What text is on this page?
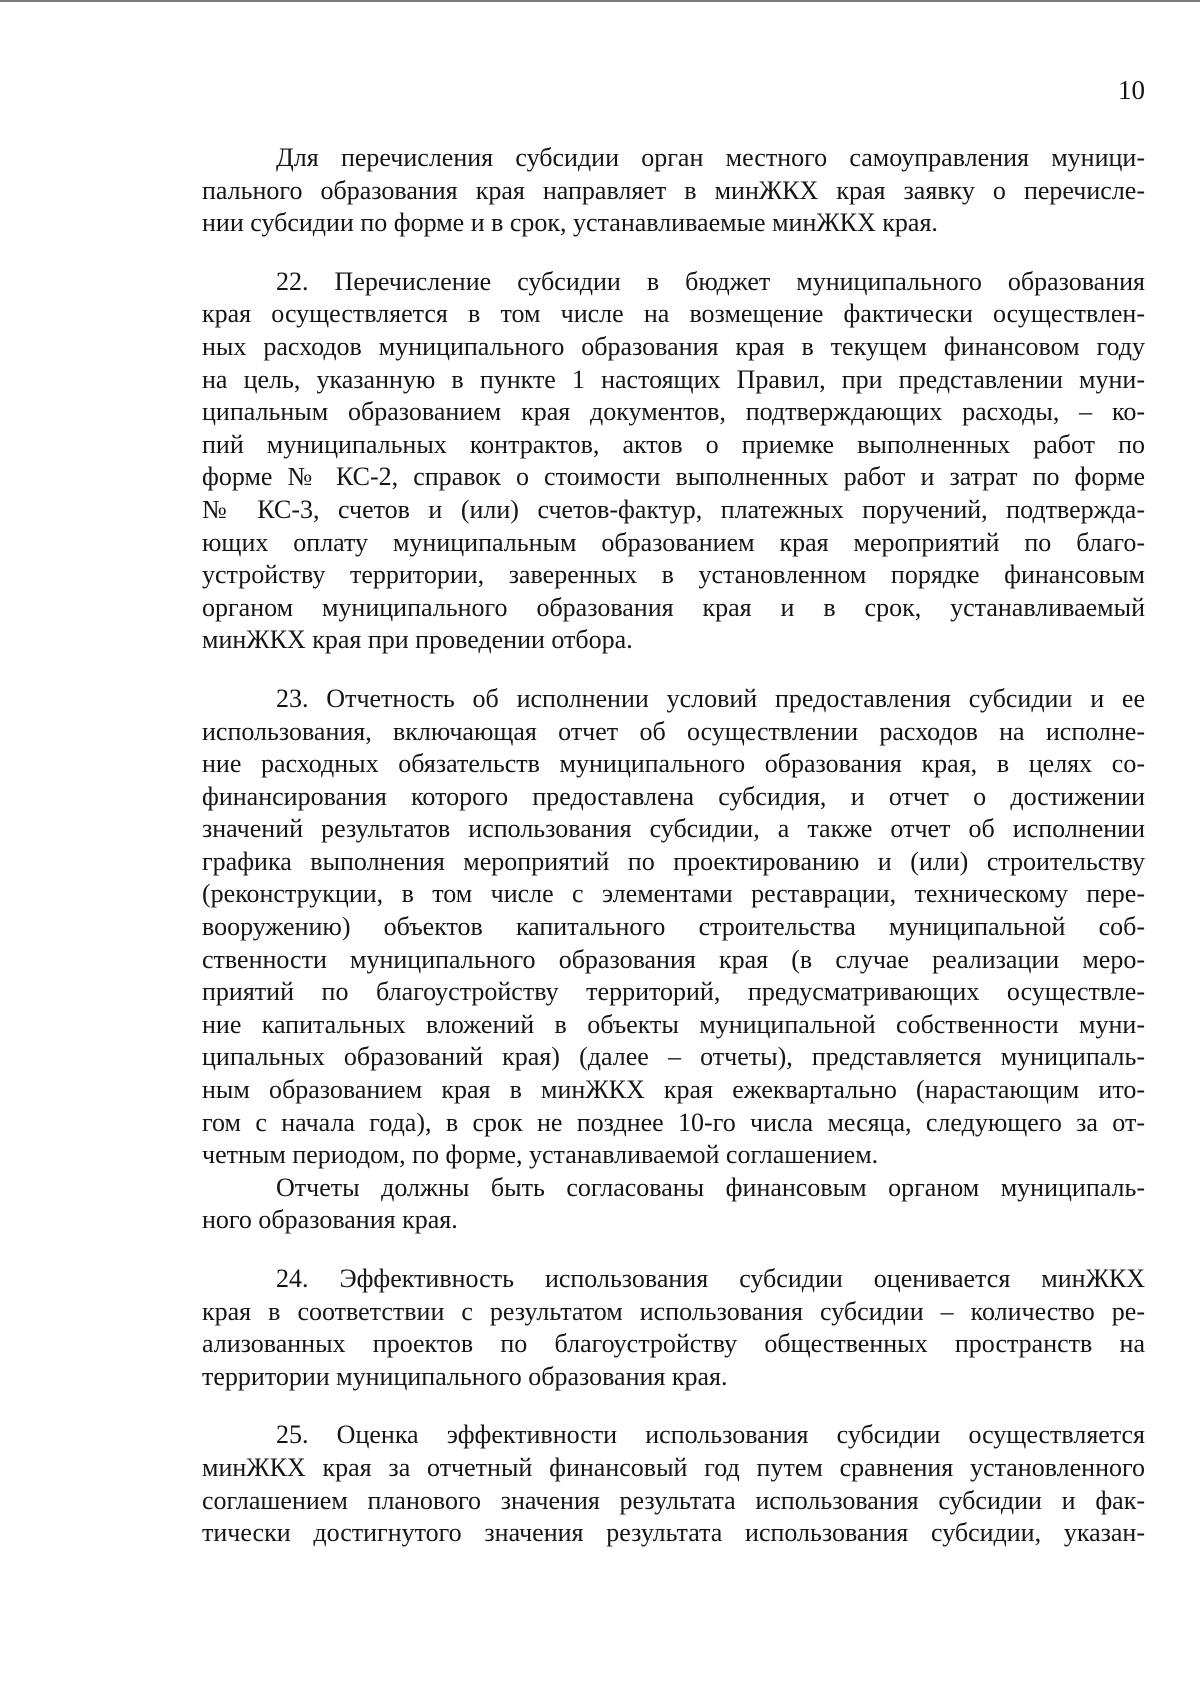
10

Для перечисления субсидии орган местного самоуправления муници-
пального образования края направляет в минЖКХ края заявку о перечисле-
нии субсидии по форме и в срок, устанавливаемые минЖКХ края.

22. Перечисление субсидии в бюджет муниципального образования
края осуществляется в том числе на возмещение фактически осуществлен-
ных расходов муниципального образования края в текущем финансовом году
на цель, указанную в пункте 1 настоящих Правил, при представлении муни-
ципальным образованием края документов, подтверждающих расходы, – ко-
пий муниципальных контрактов, актов о приемке выполненных работ по
форме № КС-2, справок о стоимости выполненных работ и затрат по форме
№ КС-3, счетов и (или) счетов-фактур, платежных поручений, подтвержда-
ющих оплату муниципальным образованием края мероприятий по благо-
устройству территории, заверенных в установленном порядке финансовым
органом муниципального образования края и в срок, устанавливаемый
минЖКХ края при проведении отбора.

23. Отчетность об исполнении условий предоставления субсидии и ее
использования, включающая отчет об осуществлении расходов на исполне-
ние расходных обязательств муниципального образования края, в целях со-
финансирования которого предоставлена субсидия, и отчет о достижении
значений результатов использования субсидии, а также отчет об исполнении
графика выполнения мероприятий по проектированию и (или) строительству
(реконструкции, в том числе с элементами реставрации, техническому пере-
вооружению) объектов капитального строительства муниципальной соб-
ственности муниципального образования края (в случае реализации меро-
приятий по благоустройству территорий, предусматривающих осуществле-
ние капитальных вложений в объекты муниципальной собственности муни-
ципальных образований края) (далее – отчеты), представляется муниципаль-
ным образованием края в минЖКХ края ежеквартально (нарастающим ито-
гом с начала года), в срок не позднее 10-го числа месяца, следующего за от-
четным периодом, по форме, устанавливаемой соглашением.

Отчеты должны быть согласованы финансовым органом муниципаль-
ного образования края.

24. Эффективность использования субсидии оценивается минЖКХ
края в соответствии с результатом использования субсидии – количество ре-
ализованных проектов по благоустройству общественных пространств на
территории муниципального образования края.

25. Оценка эффективности использования субсидии осуществляется
минЖКХ края за отчетный финансовый год путем сравнения установленного
соглашением планового значения результата использования субсидии и фак-
тически достигнутого значения результата использования субсидии, указан-
